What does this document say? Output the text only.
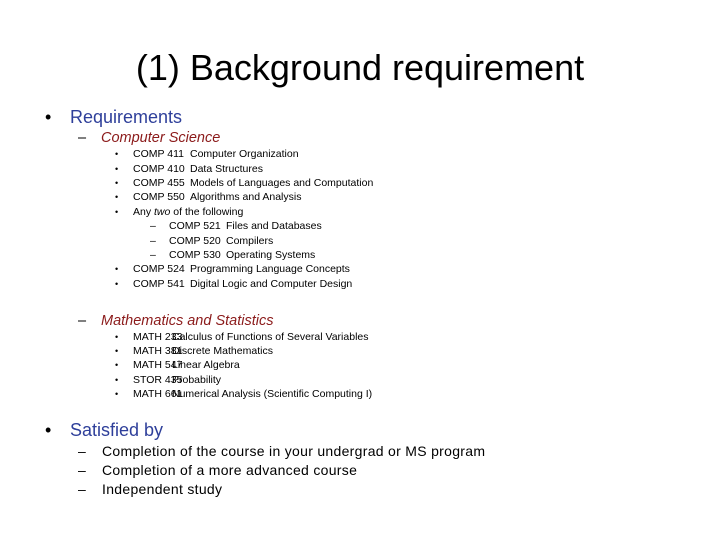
(1) Background requirement
• Requirements
– Computer Science
• COMP 411 Computer Organization
• COMP 410 Data Structures
• COMP 455 Models of Languages and Computation
• COMP 550 Algorithms and Analysis
• Any two of the following
– COMP 521 Files and Databases
– COMP 520 Compilers
– COMP 530 Operating Systems
• COMP 524 Programming Language Concepts
• COMP 541 Digital Logic and Computer Design
– Mathematics and Statistics
• MATH 233
Calculus of Functions of Several Variables
• MATH 381
Discrete Mathematics
• MATH 547
Linear Algebra
• STOR 435
Probability
• MATH 661
Numerical Analysis (Scientific Computing I)
• Satisfied by
– Completion of the course in your undergrad or MS program
– Completion of a more advanced course
– Independent study
